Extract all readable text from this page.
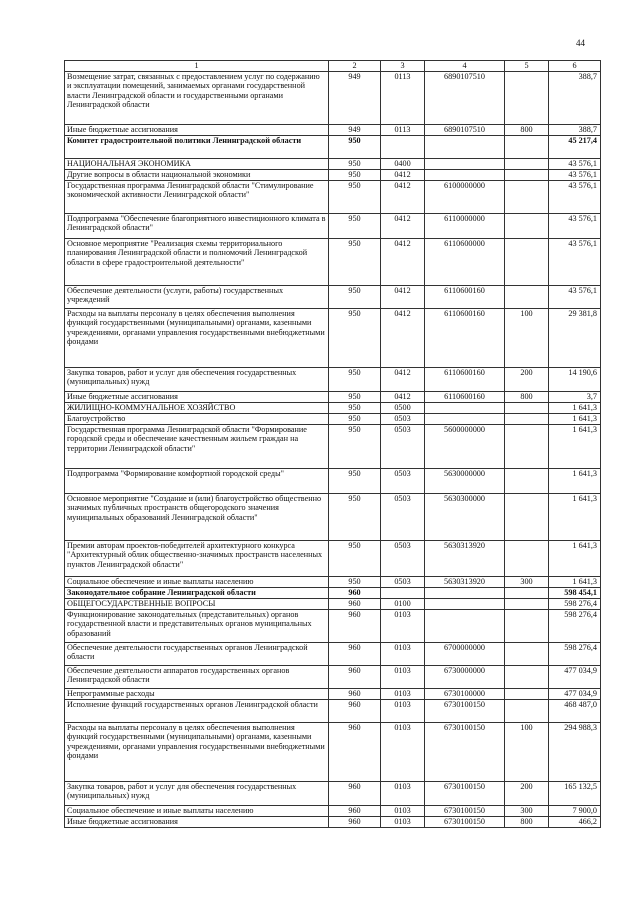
44
1	2	3	4	5	6
Возмещение затрат, связанных с предоставлением услуг по содержанию и эксплуатации помещений, занимаемых органами государственной власти Ленинградской области и государственными органами Ленинградской области	949	0113	6890107510		388,7
Иные бюджетные ассигнования	949	0113	6890107510	800	388,7
Комитет градостроительной политики Ленинградской области	950				45 217,4
НАЦИОНАЛЬНАЯ ЭКОНОМИКА	950	0400			43 576,1
Другие вопросы в области национальной экономики	950	0412			43 576,1
Государственная программа Ленинградской области "Стимулирование экономической активности Ленинградской области"	950	0412	6100000000		43 576,1
Подпрограмма "Обеспечение благоприятного инвестиционного климата в Ленинградской области"	950	0412	6110000000		43 576,1
Основное мероприятие "Реализация схемы территориального планирования Ленинградской области и полномочий Ленинградской области в сфере градостроительной деятельности"	950	0412	6110600000		43 576,1
Обеспечение деятельности (услуги, работы) государственных учреждений	950	0412	6110600160		43 576,1
Расходы на выплаты персоналу в целях обеспечения выполнения функций государственными (муниципальными) органами, казенными учреждениями, органами управления государственными внебюджетными фондами	950	0412	6110600160	100	29 381,8
Закупка товаров, работ и услуг для обеспечения государственных (муниципальных) нужд	950	0412	6110600160	200	14 190,6
Иные бюджетные ассигнования	950	0412	6110600160	800	3,7
ЖИЛИЩНО-КОММУНАЛЬНОЕ ХОЗЯЙСТВО	950	0500			1 641,3
Благоустройство	950	0503			1 641,3
Государственная программа Ленинградской области "Формирование городской среды и обеспечение качественным жильем граждан на территории Ленинградской области"	950	0503	5600000000		1 641,3
Подпрограмма "Формирование комфортной городской среды"	950	0503	5630000000		1 641,3
Основное мероприятие "Создание и (или) благоустройство общественно значимых публичных пространств общегородского значения муниципальных образований Ленинградской области"	950	0503	5630300000		1 641,3
Премии авторам проектов-победителей архитектурного конкурса "Архитектурный облик общественно-значимых пространств населенных пунктов Ленинградской области"	950	0503	5630313920		1 641,3
Социальное обеспечение и иные выплаты населению	950	0503	5630313920	300	1 641,3
Законодательное собрание Ленинградской области	960				598 454,1
ОБЩЕГОСУДАРСТВЕННЫЕ ВОПРОСЫ	960	0100			598 276,4
Функционирование законодательных (представительных) органов государственной власти и представительных органов муниципальных образований	960	0103			598 276,4
Обеспечение деятельности государственных органов Ленинградской области	960	0103	6700000000		598 276,4
Обеспечение деятельности аппаратов государственных органов Ленинградской области	960	0103	6730000000		477 034,9
Непрограммные расходы	960	0103	6730100000		477 034,9
Исполнение функций государственных органов Ленинградской области	960	0103	6730100150		468 487,0
Расходы на выплаты персоналу в целях обеспечения выполнения функций государственными (муниципальными) органами, казенными учреждениями, органами управления государственными внебюджетными фондами	960	0103	6730100150	100	294 988,3
Закупка товаров, работ и услуг для обеспечения государственных (муниципальных) нужд	960	0103	6730100150	200	165 132,5
Социальное обеспечение и иные выплаты населению	960	0103	6730100150	300	7 900,0
Иные бюджетные ассигнования	960	0103	6730100150	800	466,2
